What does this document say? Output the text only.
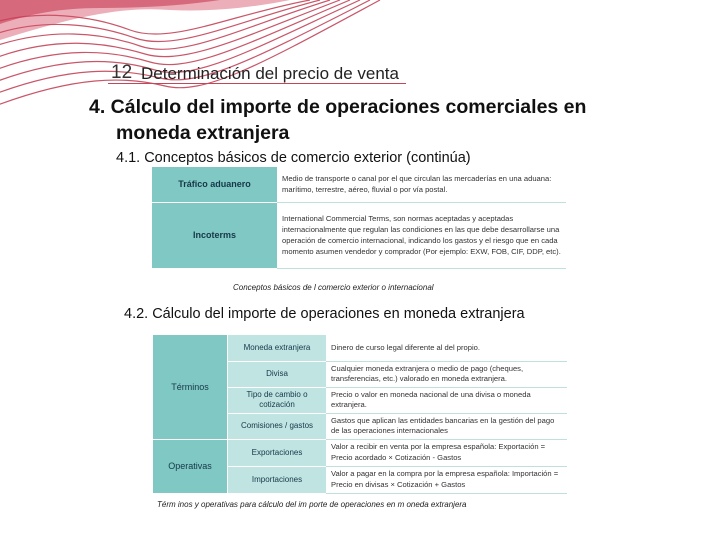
12 Determinación del precio de venta
4. Cálculo del importe de operaciones comerciales en
moneda extranjera
4.1. Conceptos básicos de comercio exterior (continúa)
Tráfico aduanero	Medio de transporte o canal por el que circulan las mercaderías en una aduana: marítimo, terrestre, aéreo, fluvial o por vía postal.
Incoterms	International Commercial Terms, son normas aceptadas y aceptadas internacionalmente que regulan las condiciones en las que debe desarrollarse una operación de comercio internacional, indicando los gastos y el riesgo que en cada momento asumen vendedor y comprador (Por ejemplo: EXW, FOB, CIF, DDP, etc).
Conceptos básicos de l comercio exterior o internacional
4.2. Cálculo del importe de operaciones en moneda extranjera
Términos	Moneda extranjera	Dinero de curso legal diferente al del propio.
	Divisa	Cualquier moneda extranjera o medio de pago (cheques, transferencias, etc.) valorado en moneda extranjera.
	Tipo de cambio o cotización	Precio o valor en moneda nacional de una divisa o moneda extranjera.
	Comisiones / gastos	Gastos que aplican las entidades bancarias en la gestión del pago de las operaciones internacionales
Operativas	Exportaciones	Valor a recibir en venta por la empresa española: Exportación = Precio acordado × Cotización - Gastos
	Importaciones	Valor a pagar en la compra por la empresa española: Importación = Precio en divisas × Cotización + Gastos
Térm inos y operativas para cálculo del im porte de operaciones en m oneda extranjera
